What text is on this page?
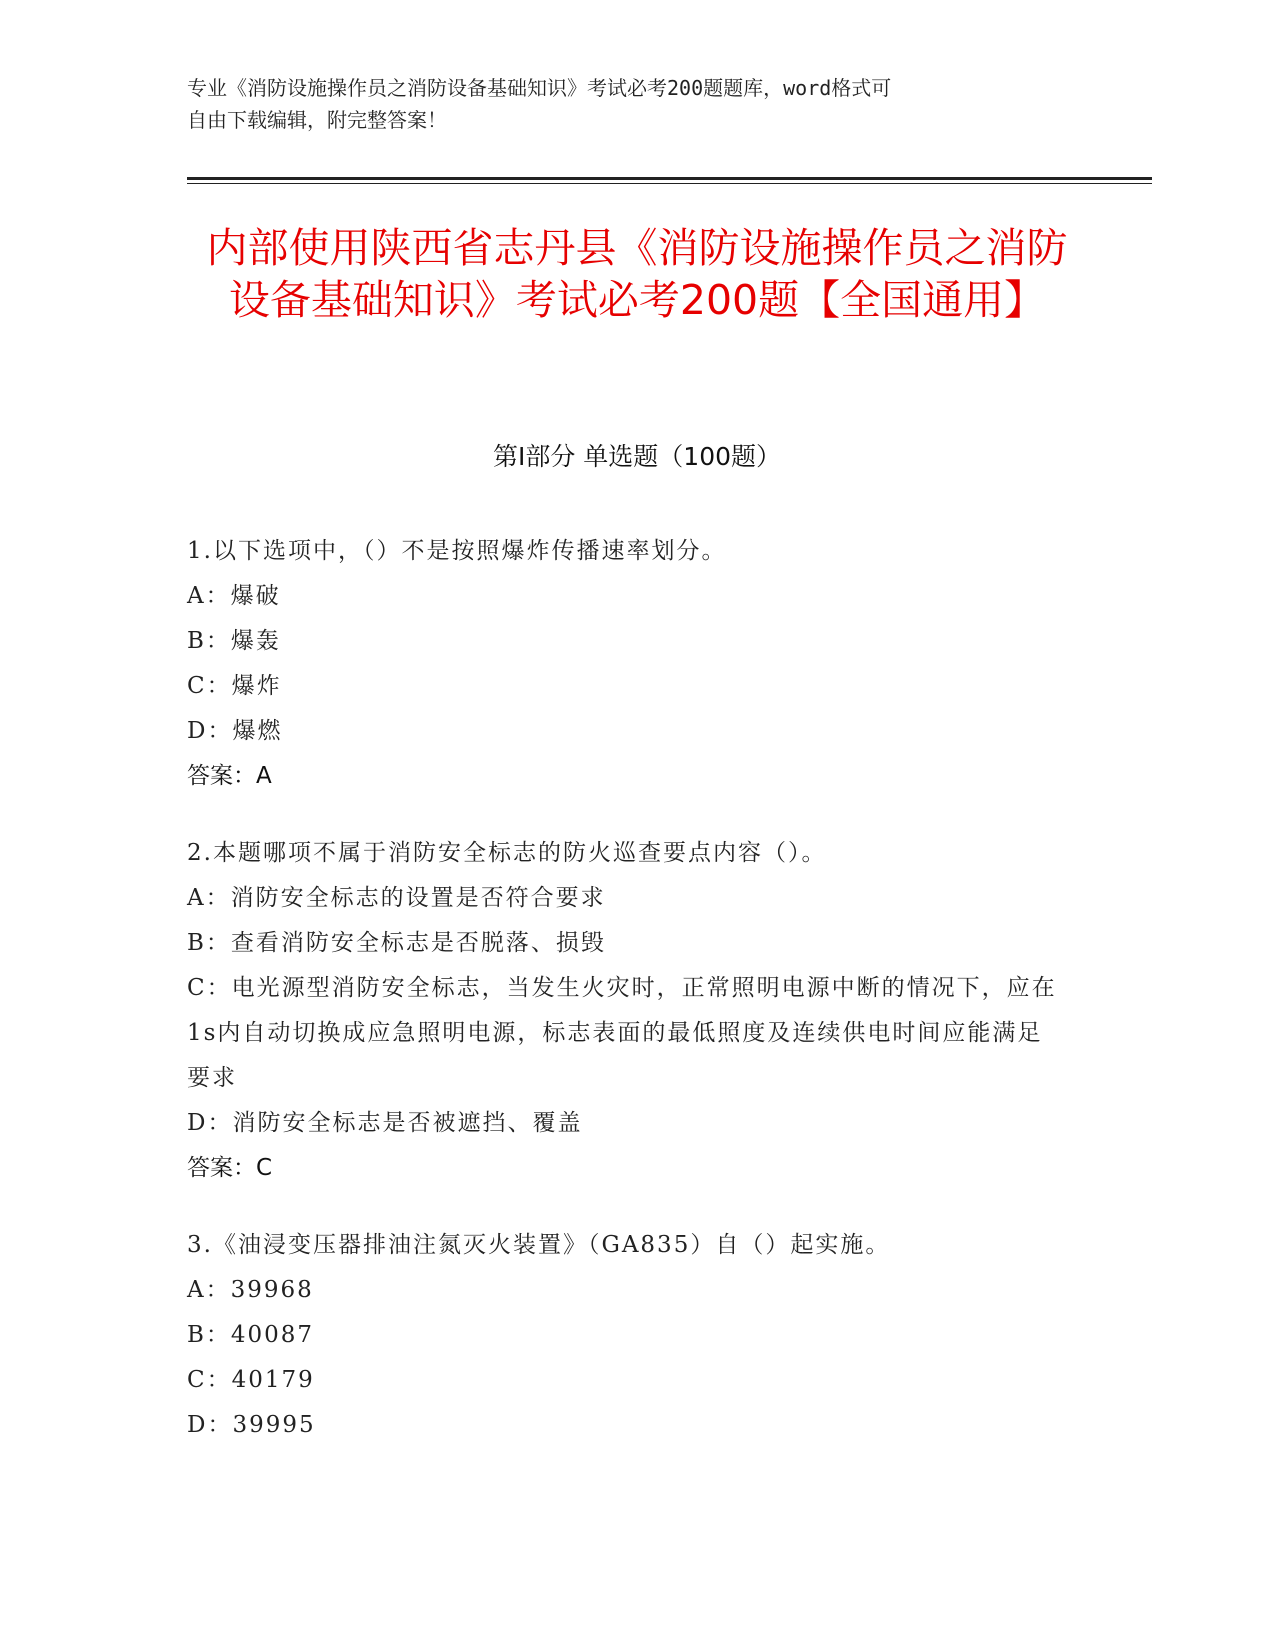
专业《消防设施操作员之消防设备基础知识》考试必考200题题库，word格式可
自由下载编辑，附完整答案！
内部使用陕西省志丹县《消防设施操作员之消防设备基础知识》考试必考200题【全国通用】
第Ⅰ部分 单选题（100题）
1.以下选项中，（）不是按照爆炸传播速率划分。
A：爆破
B：爆轰
C：爆炸
D：爆燃
答案：A
2.本题哪项不属于消防安全标志的防火巡查要点内容（）。
A：消防安全标志的设置是否符合要求
B：查看消防安全标志是否脱落、损毁
C：电光源型消防安全标志，当发生火灾时，正常照明电源中断的情况下，应在1s内自动切换成应急照明电源，标志表面的最低照度及连续供电时间应能满足要求
D：消防安全标志是否被遮挡、覆盖
答案：C
3.《油浸变压器排油注氮灭火装置》（GA835）自（）起实施。
A：39968
B：40087
C：40179
D：39995
